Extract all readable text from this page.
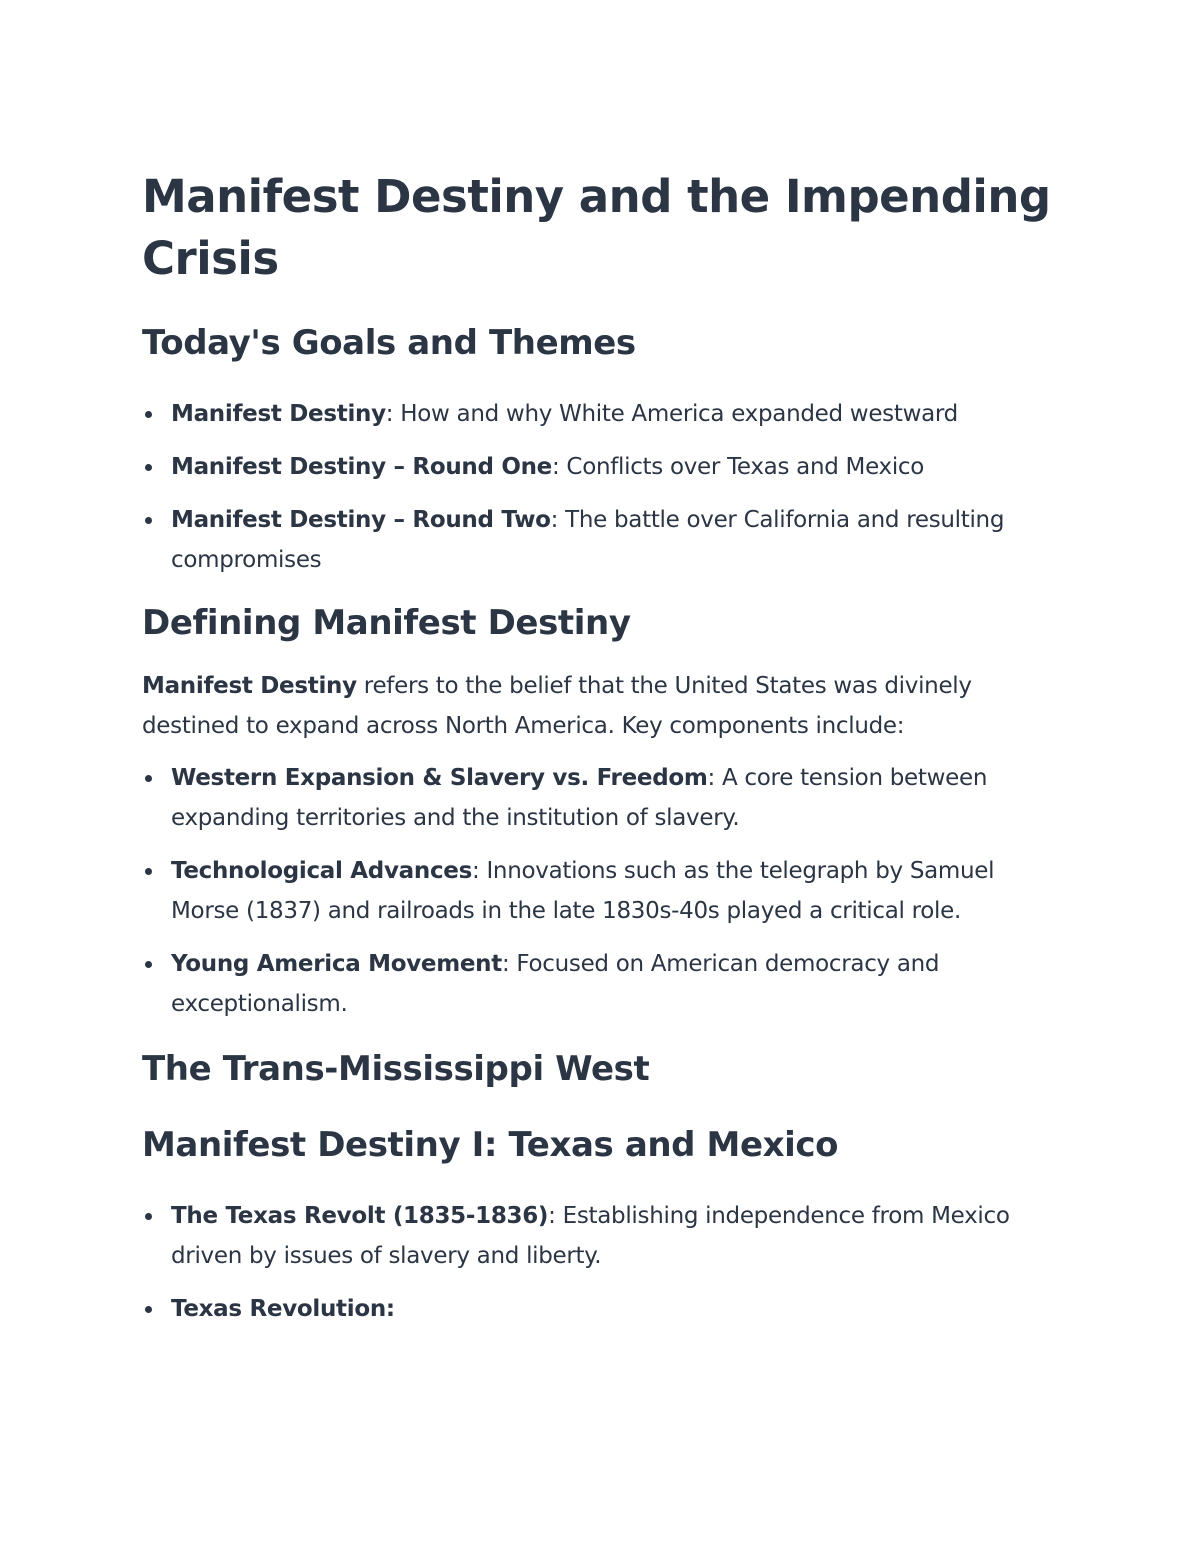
Manifest Destiny and the Impending Crisis
Today's Goals and Themes
Manifest Destiny: How and why White America expanded westward
Manifest Destiny – Round One: Conflicts over Texas and Mexico
Manifest Destiny – Round Two: The battle over California and resulting compromises
Defining Manifest Destiny

Manifest Destiny refers to the belief that the United States was divinely destined to expand across North America. Key components include:

Western Expansion & Slavery vs. Freedom: A core tension between expanding territories and the institution of slavery.
Technological Advances: Innovations such as the telegraph by Samuel Morse (1837) and railroads in the late 1830s-40s played a critical role.
Young America Movement: Focused on American democracy and exceptionalism.
The Trans-Mississippi West
Manifest Destiny I: Texas and Mexico
The Texas Revolt (1835-1836): Establishing independence from Mexico driven by issues of slavery and liberty.
Texas Revolution:
